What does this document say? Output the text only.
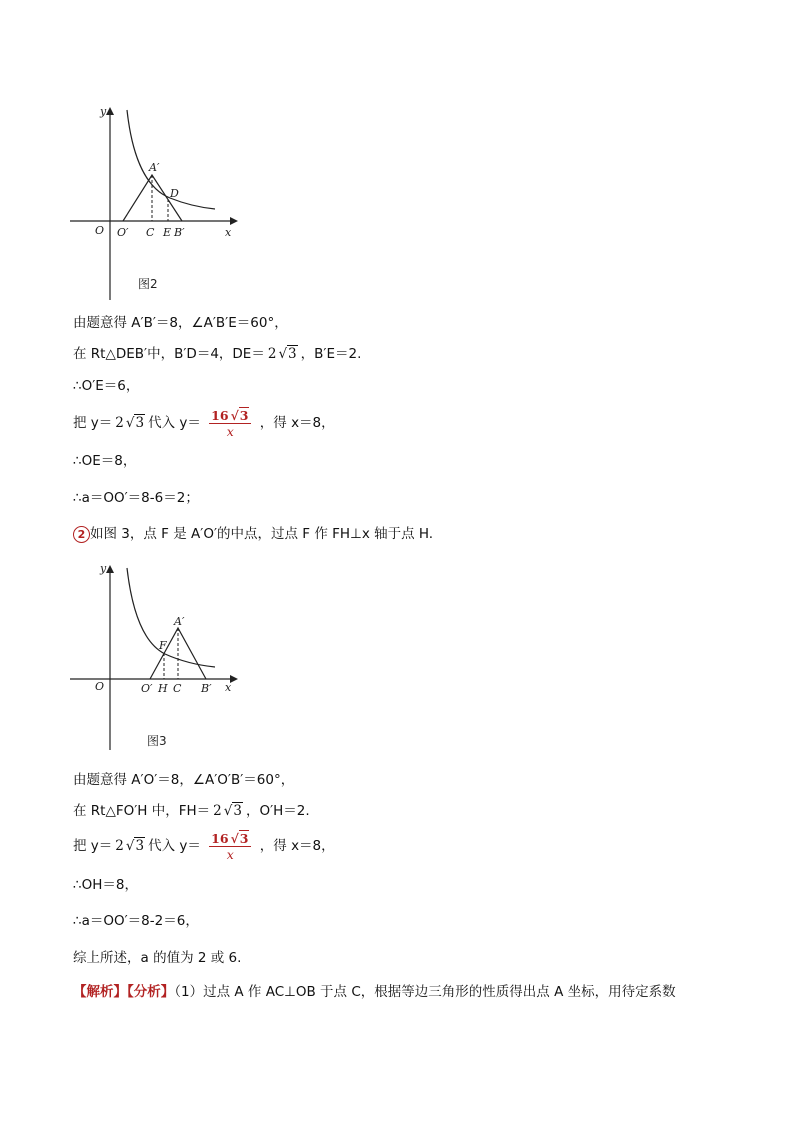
y
x
O O′ C E B′
A′
D
图2
由题意得 A′B′＝8，∠A′B′E＝60°，
在 Rt△DEB′中，B′D＝4，DE＝ 2 √3 ，B′E＝2.
∴O′E＝6，
把 y＝ 2 √3 代入 $y= \frac{16 √3}{x}$ ，得 x＝8，
∴OE＝8，
∴a＝OO′＝8-6＝2；
2 如图 3，点 F 是 A′O′的中点，过点 F 作 FH⊥x 轴于点 H.
y
x
O	O′ H C B′
A′
F
图3
由题意得 A′O′＝8，∠A′O′B′＝60°，
在 Rt△FO′H 中，FH＝ 2 √3 ，O′H＝2.
把 y＝ 2 √3 代入 $y= \frac{16 √3}{x}$ ，得 x＝8，
∴OH＝8，
∴a＝OO′＝8-2＝6，
综上所述，a 的值为 2 或 6.
【解析】【分析】（1）过点 A 作 AC⊥OB 于点 C，根据等边三角形的性质得出点 A 坐标，用待定系数
